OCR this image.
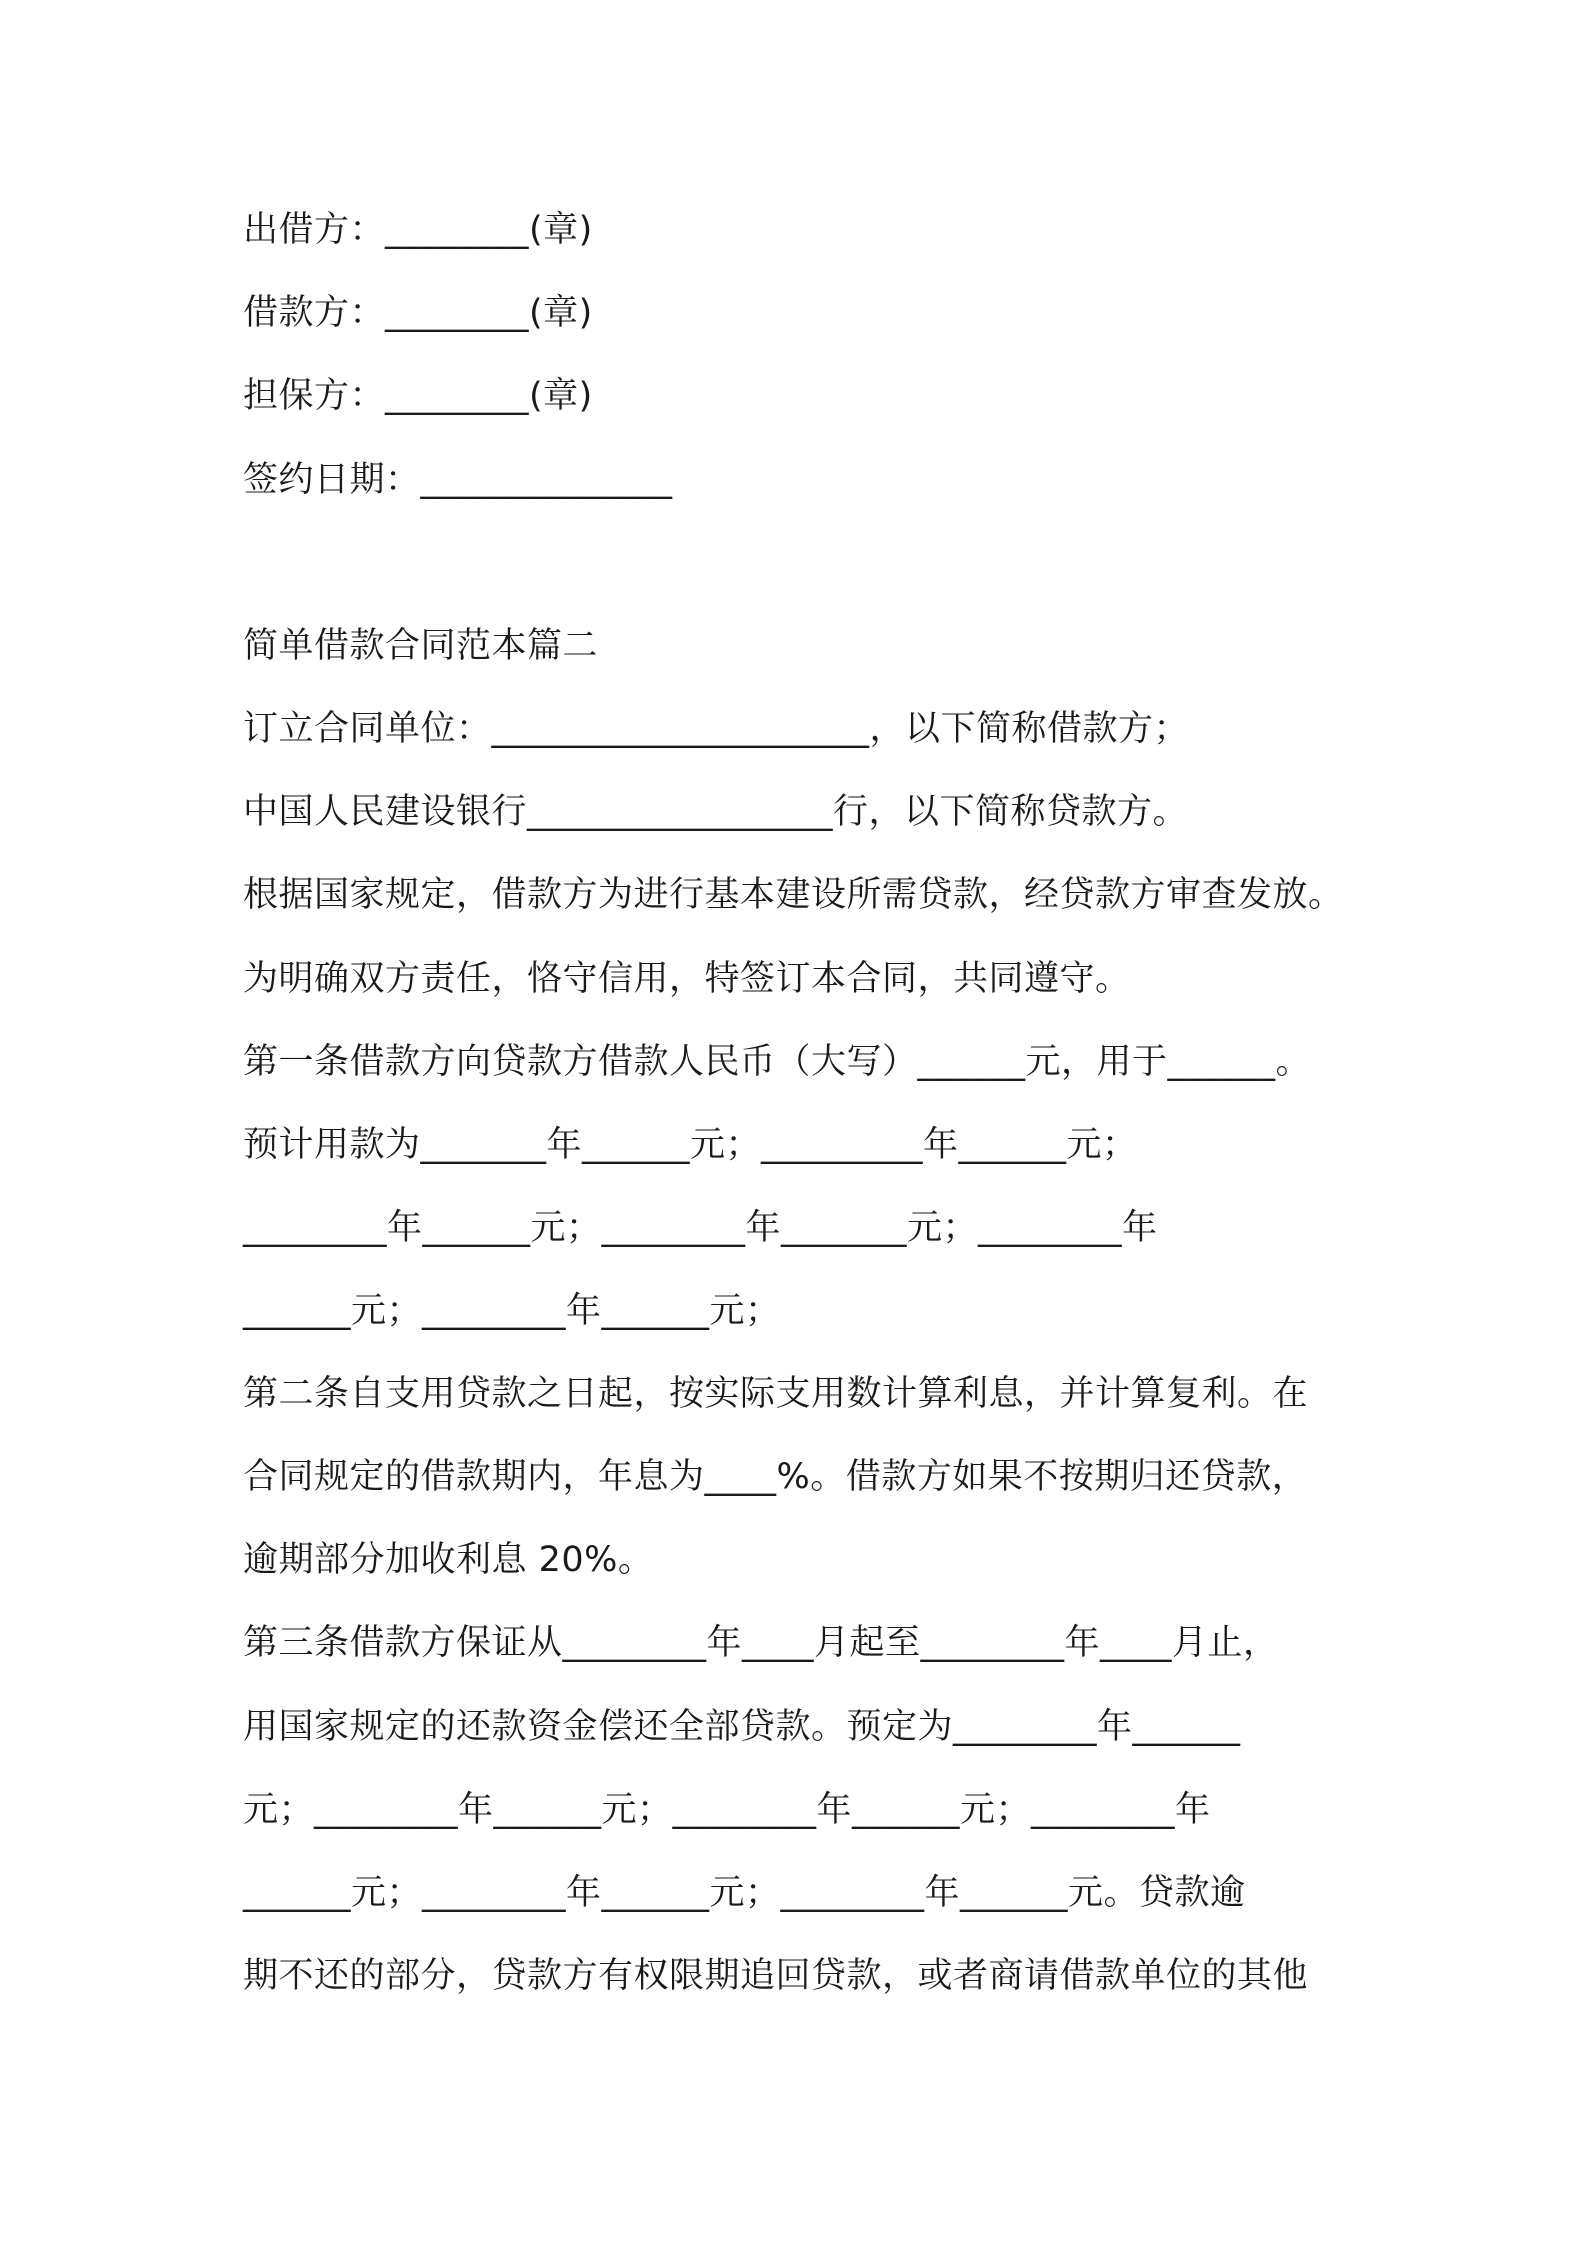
出借方：________(章)
借款方：________(章)
担保方：________(章)
签约日期：______________
简单借款合同范本篇二
订立合同单位：_____________________，以下简称借款方；
中国人民建设银行_________________行，以下简称贷款方。
根据国家规定，借款方为进行基本建设所需贷款，经贷款方审查发放。
为明确双方责任，恪守信用，特签订本合同，共同遵守。
第一条借款方向贷款方借款人民币（大写）______元，用于______。
预计用款为_______年______元；_________年______元；
________年______元；________年_______元；________年
______元；________年______元；
第二条自支用贷款之日起，按实际支用数计算利息，并计算复利。在
合同规定的借款期内，年息为____%。借款方如果不按期归还贷款，
逾期部分加收利息 20%。
第三条借款方保证从________年____月起至________年____月止，
用国家规定的还款资金偿还全部贷款。预定为________年______
元；________年______元；________年______元；________年
______元；________年______元；________年______元。贷款逾
期不还的部分，贷款方有权限期追回贷款，或者商请借款单位的其他
